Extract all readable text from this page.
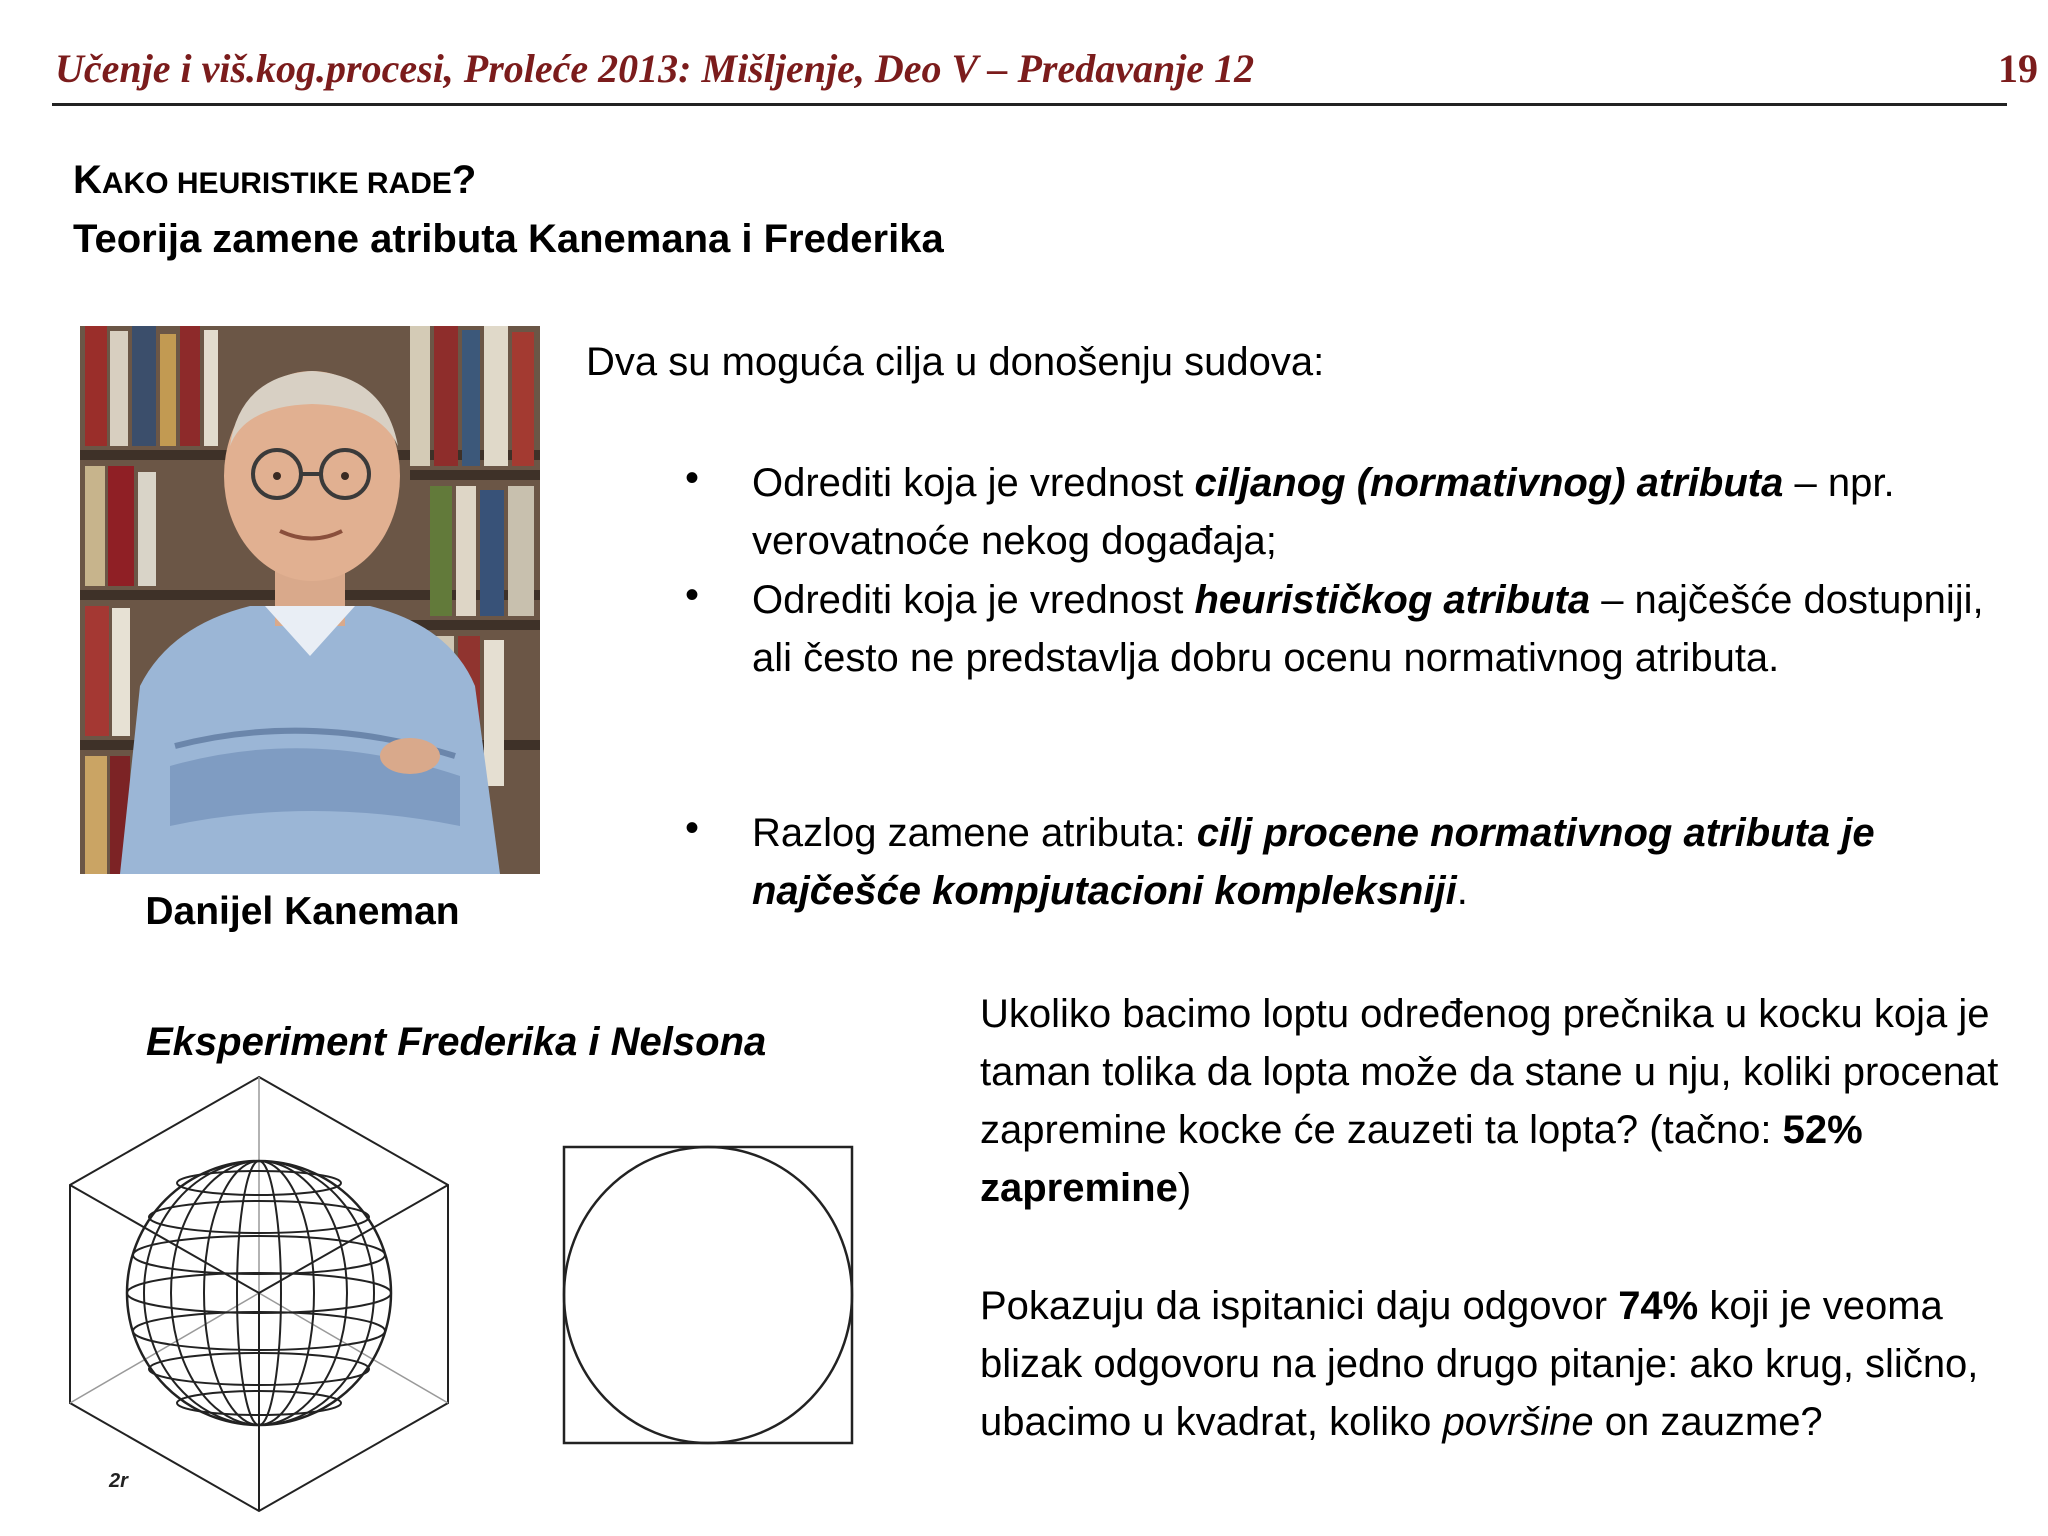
Učenje i viš.kog.procesi, Proleće 2013: Mišljenje, Deo V – Predavanje 12	19
KAKO HEURISTIKE RADE?
Teorija zamene atributa Kanemana i Frederika
Danijel Kaneman
Dva su moguća cilja u donošenju sudova:
• Odrediti koja je vrednost ciljanog (normativnog) atributa – npr. verovatnoće nekog događaja;
• Odrediti koja je vrednost heurističkog atributa – najčešće dostupniji, ali često ne predstavlja dobru ocenu normativnog atributa.
• Razlog zamene atributa: cilj procene normativnog atributa je najčešće kompjutacioni kompleksniji.
Eksperiment Frederika i Nelsona
2r
Ukoliko bacimo loptu određenog prečnika u kocku koja je taman tolika da lopta može da stane u nju, koliki procenat zapremine kocke će zauzeti ta lopta? (tačno: 52% zapremine)
Pokazuju da ispitanici daju odgovor 74% koji je veoma blizak odgovoru na jedno drugo pitanje: ako krug, slično, ubacimo u kvadrat, koliko površine on zauzme?
